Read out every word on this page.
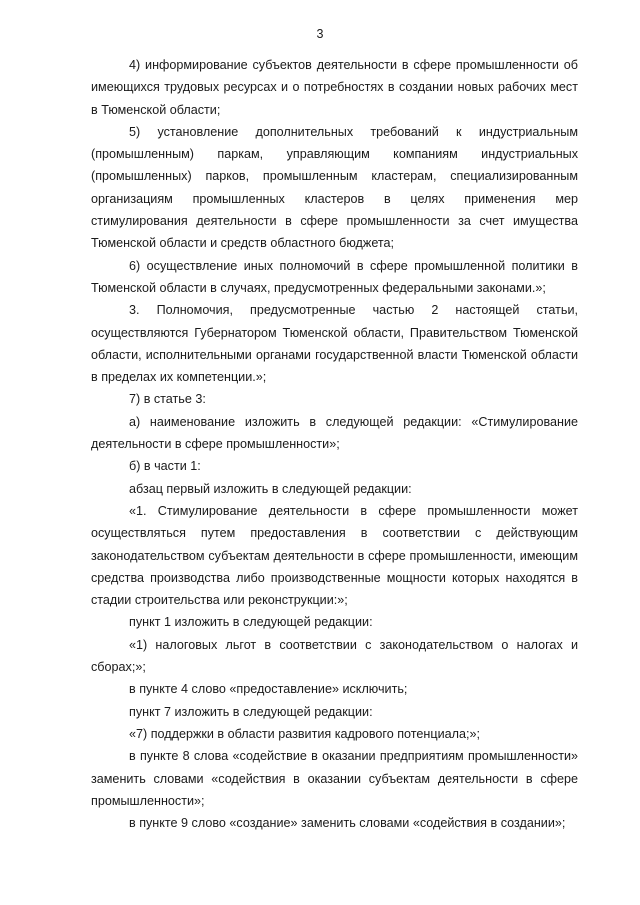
3

4) информирование субъектов деятельности в сфере промышленности об имеющихся трудовых ресурсах и о потребностях в создании новых рабочих мест в Тюменской области;

5) установление дополнительных требований к индустриальным (промышленным) паркам, управляющим компаниям индустриальных (промышленных) парков, промышленным кластерам, специализированным организациям промышленных кластеров в целях применения мер стимулирования деятельности в сфере промышленности за счет имущества Тюменской области и средств областного бюджета;

6) осуществление иных полномочий в сфере промышленной политики в Тюменской области в случаях, предусмотренных федеральными законами.»;

3. Полномочия, предусмотренные частью 2 настоящей статьи, осуществляются Губернатором Тюменской области, Правительством Тюменской области, исполнительными органами государственной власти Тюменской области в пределах их компетенции.»;

7) в статье 3:

а) наименование изложить в следующей редакции: «Стимулирование деятельности в сфере промышленности»;

б) в части 1:

абзац первый изложить в следующей редакции:

«1. Стимулирование деятельности в сфере промышленности может осуществляться путем предоставления в соответствии с действующим законодательством субъектам деятельности в сфере промышленности, имеющим средства производства либо производственные мощности которых находятся в стадии строительства или реконструкции:»;

пункт 1 изложить в следующей редакции:

«1) налоговых льгот в соответствии с законодательством о налогах и сборах;»;

в пункте 4 слово «предоставление» исключить;

пункт 7 изложить в следующей редакции:

«7) поддержки в области развития кадрового потенциала;»;

в пункте 8 слова «содействие в оказании предприятиям промышленности» заменить словами «содействия в оказании субъектам деятельности в сфере промышленности»;

в пункте 9 слово «создание» заменить словами «содействия в создании»;
